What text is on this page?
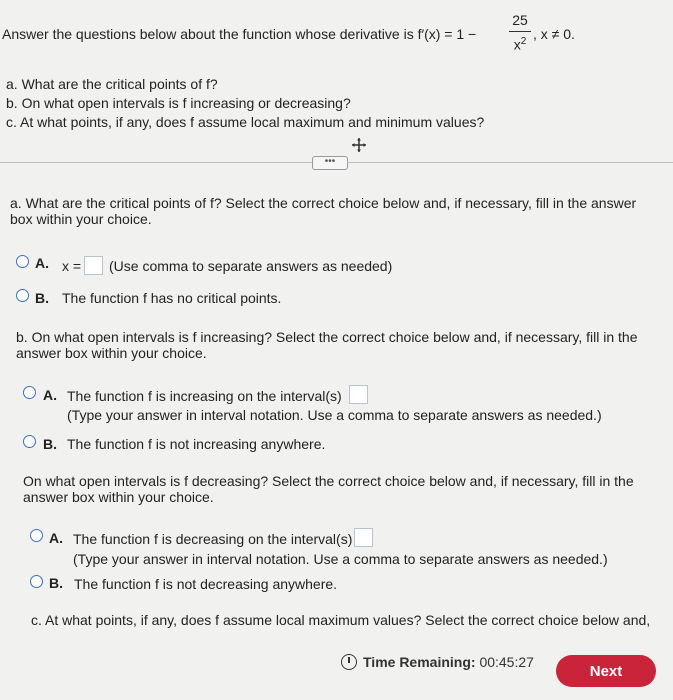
Answer the questions below about the function whose derivative is f′(x) = 1 −
25
$x^2$ , x ≠ 0.
a. What are the critical points of f?
b. On what open intervals is f increasing or decreasing?
c. At what points, if any, does f assume local maximum and minimum values?
•••
a. What are the critical points of f? Select the correct choice below and, if necessary, fill in the answer
box within your choice.
A. x = (Use comma to separate answers as needed)
B. The function f has no critical points.
b. On what open intervals is f increasing? Select the correct choice below and, if necessary, fill in the
answer box within your choice.
A. The function f is increasing on the interval(s)
(Type your answer in interval notation. Use a comma to separate answers as needed.)
B. The function f is not increasing anywhere.
On what open intervals is f decreasing? Select the correct choice below and, if necessary, fill in the
answer box within your choice.
A. The function f is decreasing on the interval(s)
(Type your answer in interval notation. Use a comma to separate answers as needed.)
B. The function f is not decreasing anywhere.
c. At what points, if any, does f assume local maximum values? Select the correct choice below and,
Time Remaining: 00:45:27
Next
